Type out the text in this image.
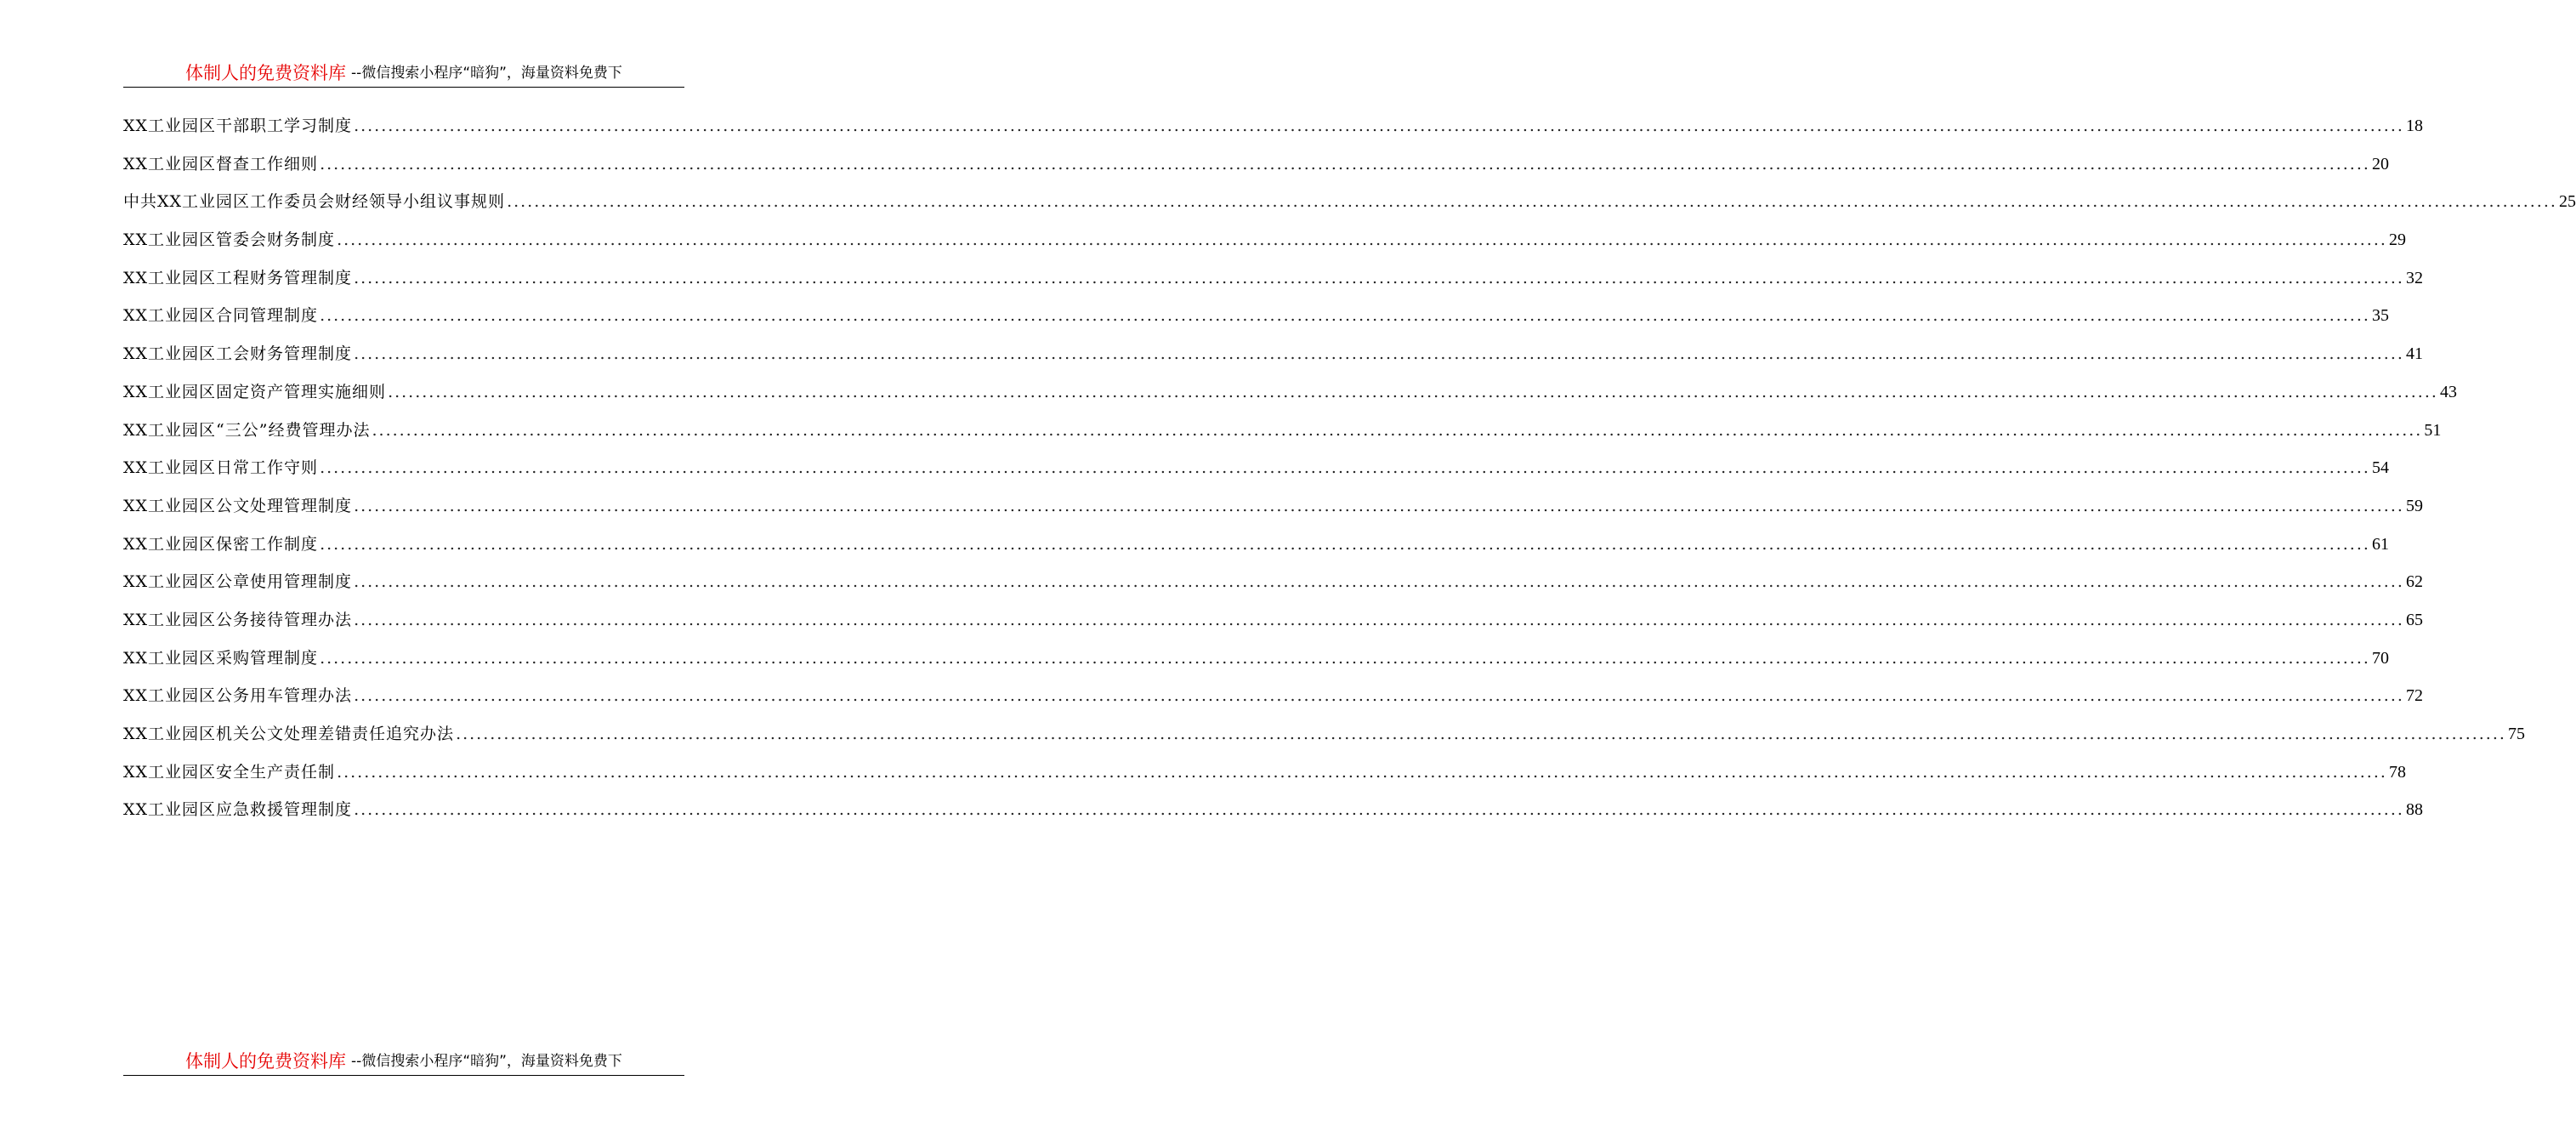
体制人的免费资料库 --微信搜索小程序“暗狗”，海量资料免费下
XX工业园区干部职工学习制度 ............................................................................................................................................................................................................................................................................................................ 18
XX工业园区督查工作细则 ............................................................................................................................................................................................................................................................................................................ 20
中共XX工业园区工作委员会财经领导小组议事规则 ............................................................................................................................................................................................................................................................................................................ 25
XX工业园区管委会财务制度 ............................................................................................................................................................................................................................................................................................................ 29
XX工业园区工程财务管理制度 ............................................................................................................................................................................................................................................................................................................ 32
XX工业园区合同管理制度 ............................................................................................................................................................................................................................................................................................................ 35
XX工业园区工会财务管理制度 ............................................................................................................................................................................................................................................................................................................ 41
XX工业园区固定资产管理实施细则 ............................................................................................................................................................................................................................................................................................................ 43
XX工业园区“三公”经费管理办法 ............................................................................................................................................................................................................................................................................................................ 51
XX工业园区日常工作守则 ............................................................................................................................................................................................................................................................................................................ 54
XX工业园区公文处理管理制度 ............................................................................................................................................................................................................................................................................................................ 59
XX工业园区保密工作制度 ............................................................................................................................................................................................................................................................................................................ 61
XX工业园区公章使用管理制度 ............................................................................................................................................................................................................................................................................................................ 62
XX工业园区公务接待管理办法 ............................................................................................................................................................................................................................................................................................................ 65
XX工业园区采购管理制度 ............................................................................................................................................................................................................................................................................................................ 70
XX工业园区公务用车管理办法 ............................................................................................................................................................................................................................................................................................................ 72
XX工业园区机关公文处理差错责任追究办法 ............................................................................................................................................................................................................................................................................................................ 75
XX工业园区安全生产责任制 ............................................................................................................................................................................................................................................................................................................ 78
XX工业园区应急救援管理制度 ............................................................................................................................................................................................................................................................................................................ 88
体制人的免费资料库 --微信搜索小程序“暗狗”，海量资料免费下
